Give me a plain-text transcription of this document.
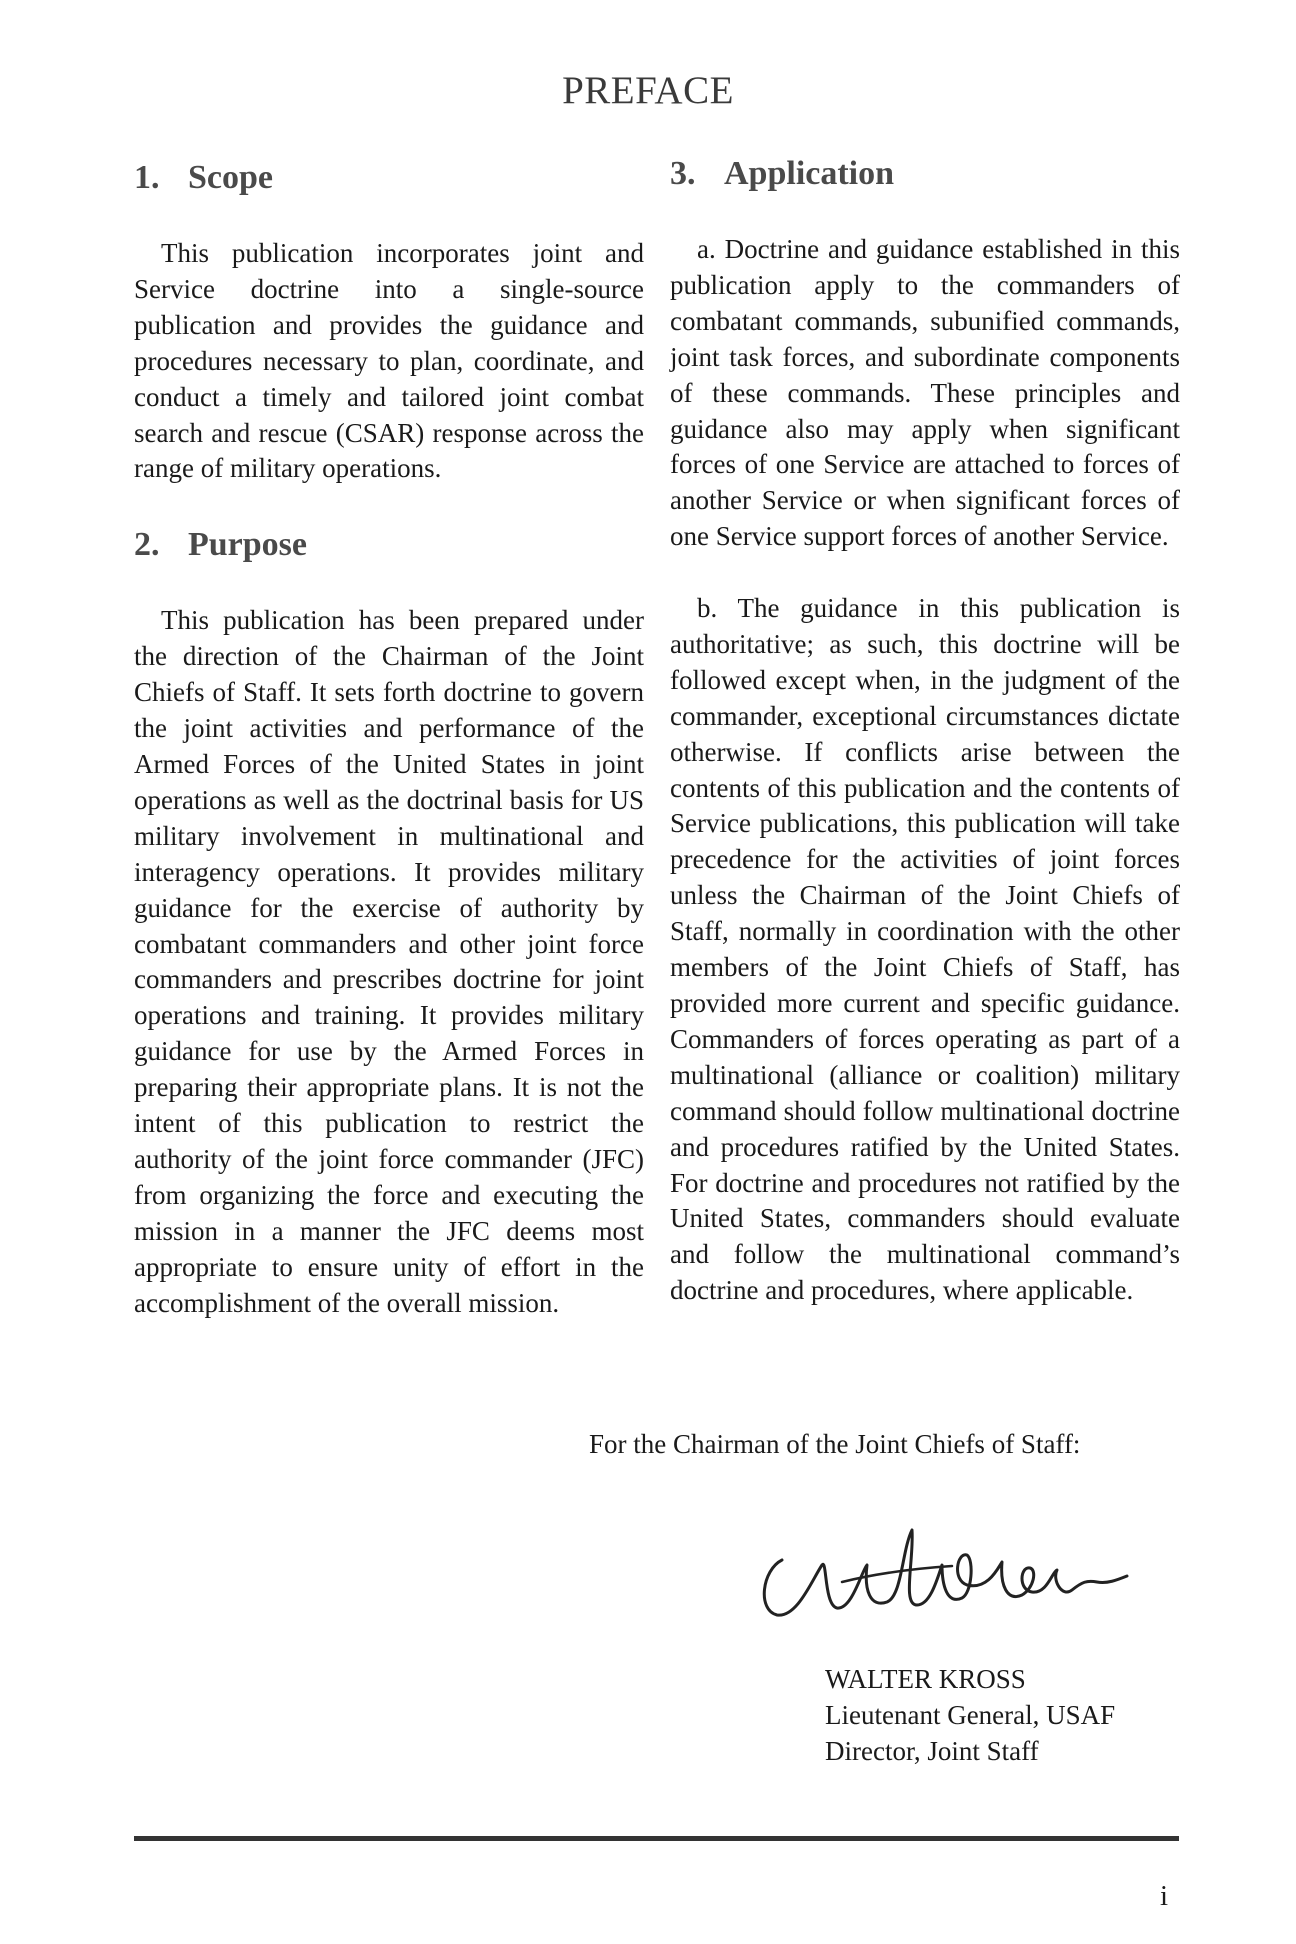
PREFACE
1. Scope

This publication incorporates joint and Service doctrine into a single-source publication and provides the guidance and procedures necessary to plan, coordinate, and conduct a timely and tailored joint combat search and rescue (CSAR) response across the range of military operations.

2. Purpose

This publication has been prepared under the direction of the Chairman of the Joint Chiefs of Staff. It sets forth doctrine to govern the joint activities and performance of the Armed Forces of the United States in joint operations as well as the doctrinal basis for US military involvement in multinational and interagency operations. It provides military guidance for the exercise of authority by combatant commanders and other joint force commanders and prescribes doctrine for joint operations and training. It provides military guidance for use by the Armed Forces in preparing their appropriate plans. It is not the intent of this publication to restrict the authority of the joint force commander (JFC) from organizing the force and executing the mission in a manner the JFC deems most appropriate to ensure unity of effort in the accomplishment of the overall mission.

3. Application

a. Doctrine and guidance established in this publication apply to the commanders of combatant commands, subunified commands, joint task forces, and subordinate components of these commands. These principles and guidance also may apply when significant forces of one Service are attached to forces of another Service or when significant forces of one Service support forces of another Service.

b. The guidance in this publication is authoritative; as such, this doctrine will be followed except when, in the judgment of the commander, exceptional circumstances dictate otherwise. If conflicts arise between the contents of this publication and the contents of Service publications, this publication will take precedence for the activities of joint forces unless the Chairman of the Joint Chiefs of Staff, normally in coordination with the other members of the Joint Chiefs of Staff, has provided more current and specific guidance. Commanders of forces operating as part of a multinational (alliance or coalition) military command should follow multinational doctrine and procedures ratified by the United States. For doctrine and procedures not ratified by the United States, commanders should evaluate and follow the multinational command’s doctrine and procedures, where applicable.

For the Chairman of the Joint Chiefs of Staff:
WALTER KROSS
Lieutenant General, USAF
Director, Joint Staff
i
